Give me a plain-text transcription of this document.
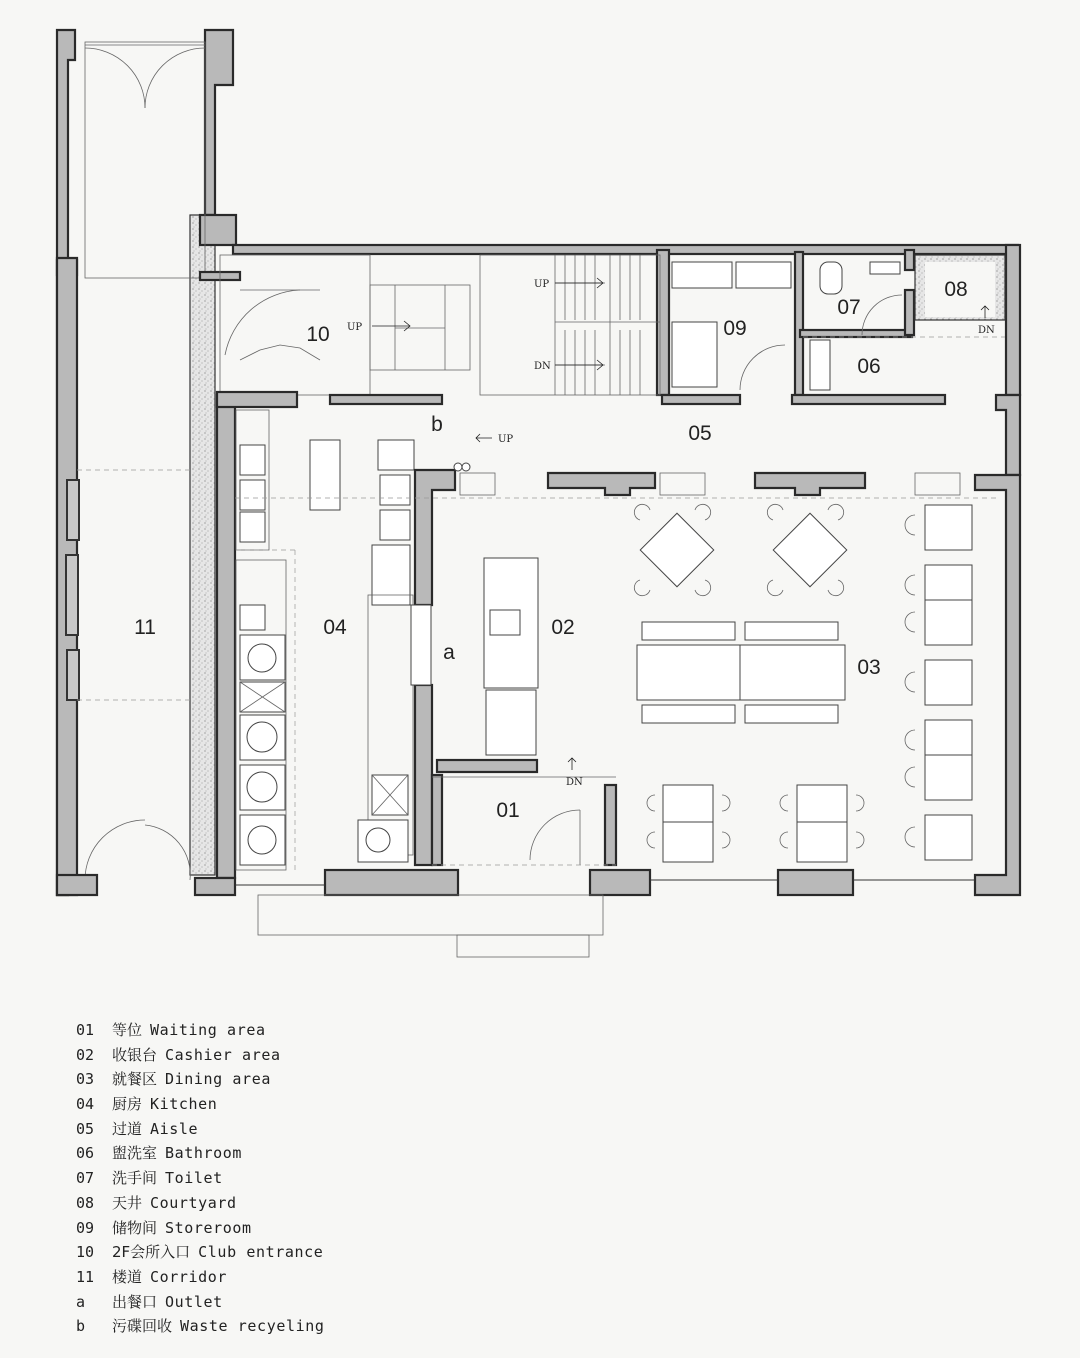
01
02
03
04
05
06
07
08
09
10
11
a
b
UP
UP
DN
UP
DN
DN
01 等位 Waiting area
02 收银台 Cashier area
03 就餐区 Dining area
04 厨房 Kitchen
05 过道 Aisle
06 盥洗室 Bathroom
07 洗手间 Toilet
08 天井 Courtyard
09 储物间 Storeroom
10 2F会所入口 Club entrance
11 楼道 Corridor
a 出餐口 Outlet
b 污碟回收 Waste recyeling
